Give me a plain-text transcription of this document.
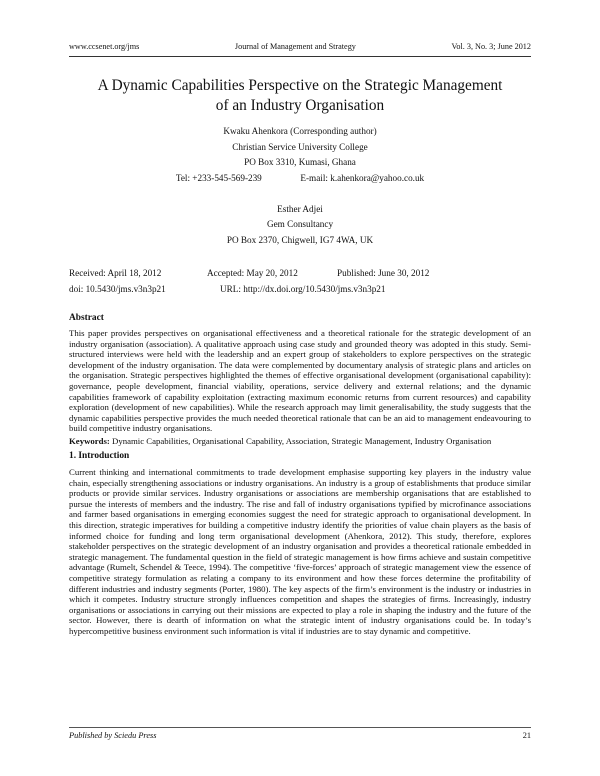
www.ccsenet.org/jms	Journal of Management and Strategy	Vol. 3, No. 3; June 2012
A Dynamic Capabilities Perspective on the Strategic Management
of an Industry Organisation
Kwaku Ahenkora (Corresponding author)
Christian Service University College
PO Box 3310, Kumasi, Ghana
Tel: +233-545-569-239	E-mail: k.ahenkora@yahoo.co.uk
Esther Adjei
Gem Consultancy
PO Box 2370, Chigwell, IG7 4WA, UK
Received: April 18, 2012	Accepted: May 20, 2012	Published: June 30, 2012
doi: 10.5430/jms.v3n3p21	URL: http://dx.doi.org/10.5430/jms.v3n3p21
Abstract

This paper provides perspectives on organisational effectiveness and a theoretical rationale for the strategic development of an industry organisation (association). A qualitative approach using case study and grounded theory was adopted in this study. Semi-structured interviews were held with the leadership and an expert group of stakeholders to explore perspectives on the strategic development of the industry organisation. The data were complemented by documentary analysis of strategic plans and articles on the organisation. Strategic perspectives highlighted the themes of effective organisational development (organisational capability): governance, people development, financial viability, operations, service delivery and external relations; and the dynamic capabilities framework of capability exploitation (extracting maximum economic returns from current resources) and capability exploration (development of new capabilities). While the research approach may limit generalisability, the study suggests that the dynamic capabilities perspective provides the much needed theoretical rationale that can be an aid to management endeavouring to build competitive industry organisations.

Keywords: Dynamic Capabilities, Organisational Capability, Association, Strategic Management, Industry Organisation
1. Introduction

Current thinking and international commitments to trade development emphasise supporting key players in the industry value chain, especially strengthening associations or industry organisations. An industry is a group of establishments that produce similar products or provide similar services. Industry organisations or associations are membership organisations that are established to pursue the interests of members and the industry. The rise and fall of industry organisations typified by microfinance associations and farmer based organisations in emerging economies suggest the need for strategic approach to organisational development. In this direction, strategic imperatives for building a competitive industry identify the priorities of value chain players as the basis of informed choice for funding and long term organisational development (Ahenkora, 2012). This study, therefore, explores stakeholder perspectives on the strategic development of an industry organisation and provides a theoretical rationale embedded in strategic management. The fundamental question in the field of strategic management is how firms achieve and sustain competitive advantage (Rumelt, Schendel & Teece, 1994). The competitive ‘five-forces’ approach of strategic management view the essence of competitive strategy formulation as relating a company to its environment and how these forces determine the profitability of different industries and industry segments (Porter, 1980). The key aspects of the firm’s environment is the industry or industries in which it competes. Industry structure strongly influences competition and shapes the strategies of firms. Increasingly, industry organisations or associations in carrying out their missions are expected to play a role in shaping the industry and the future of the sector. However, there is dearth of information on what the strategic intent of industry organisations could be. In today’s hypercompetitive business environment such information is vital if industries are to stay dynamic and competitive.

Published by Sciedu Press	21
